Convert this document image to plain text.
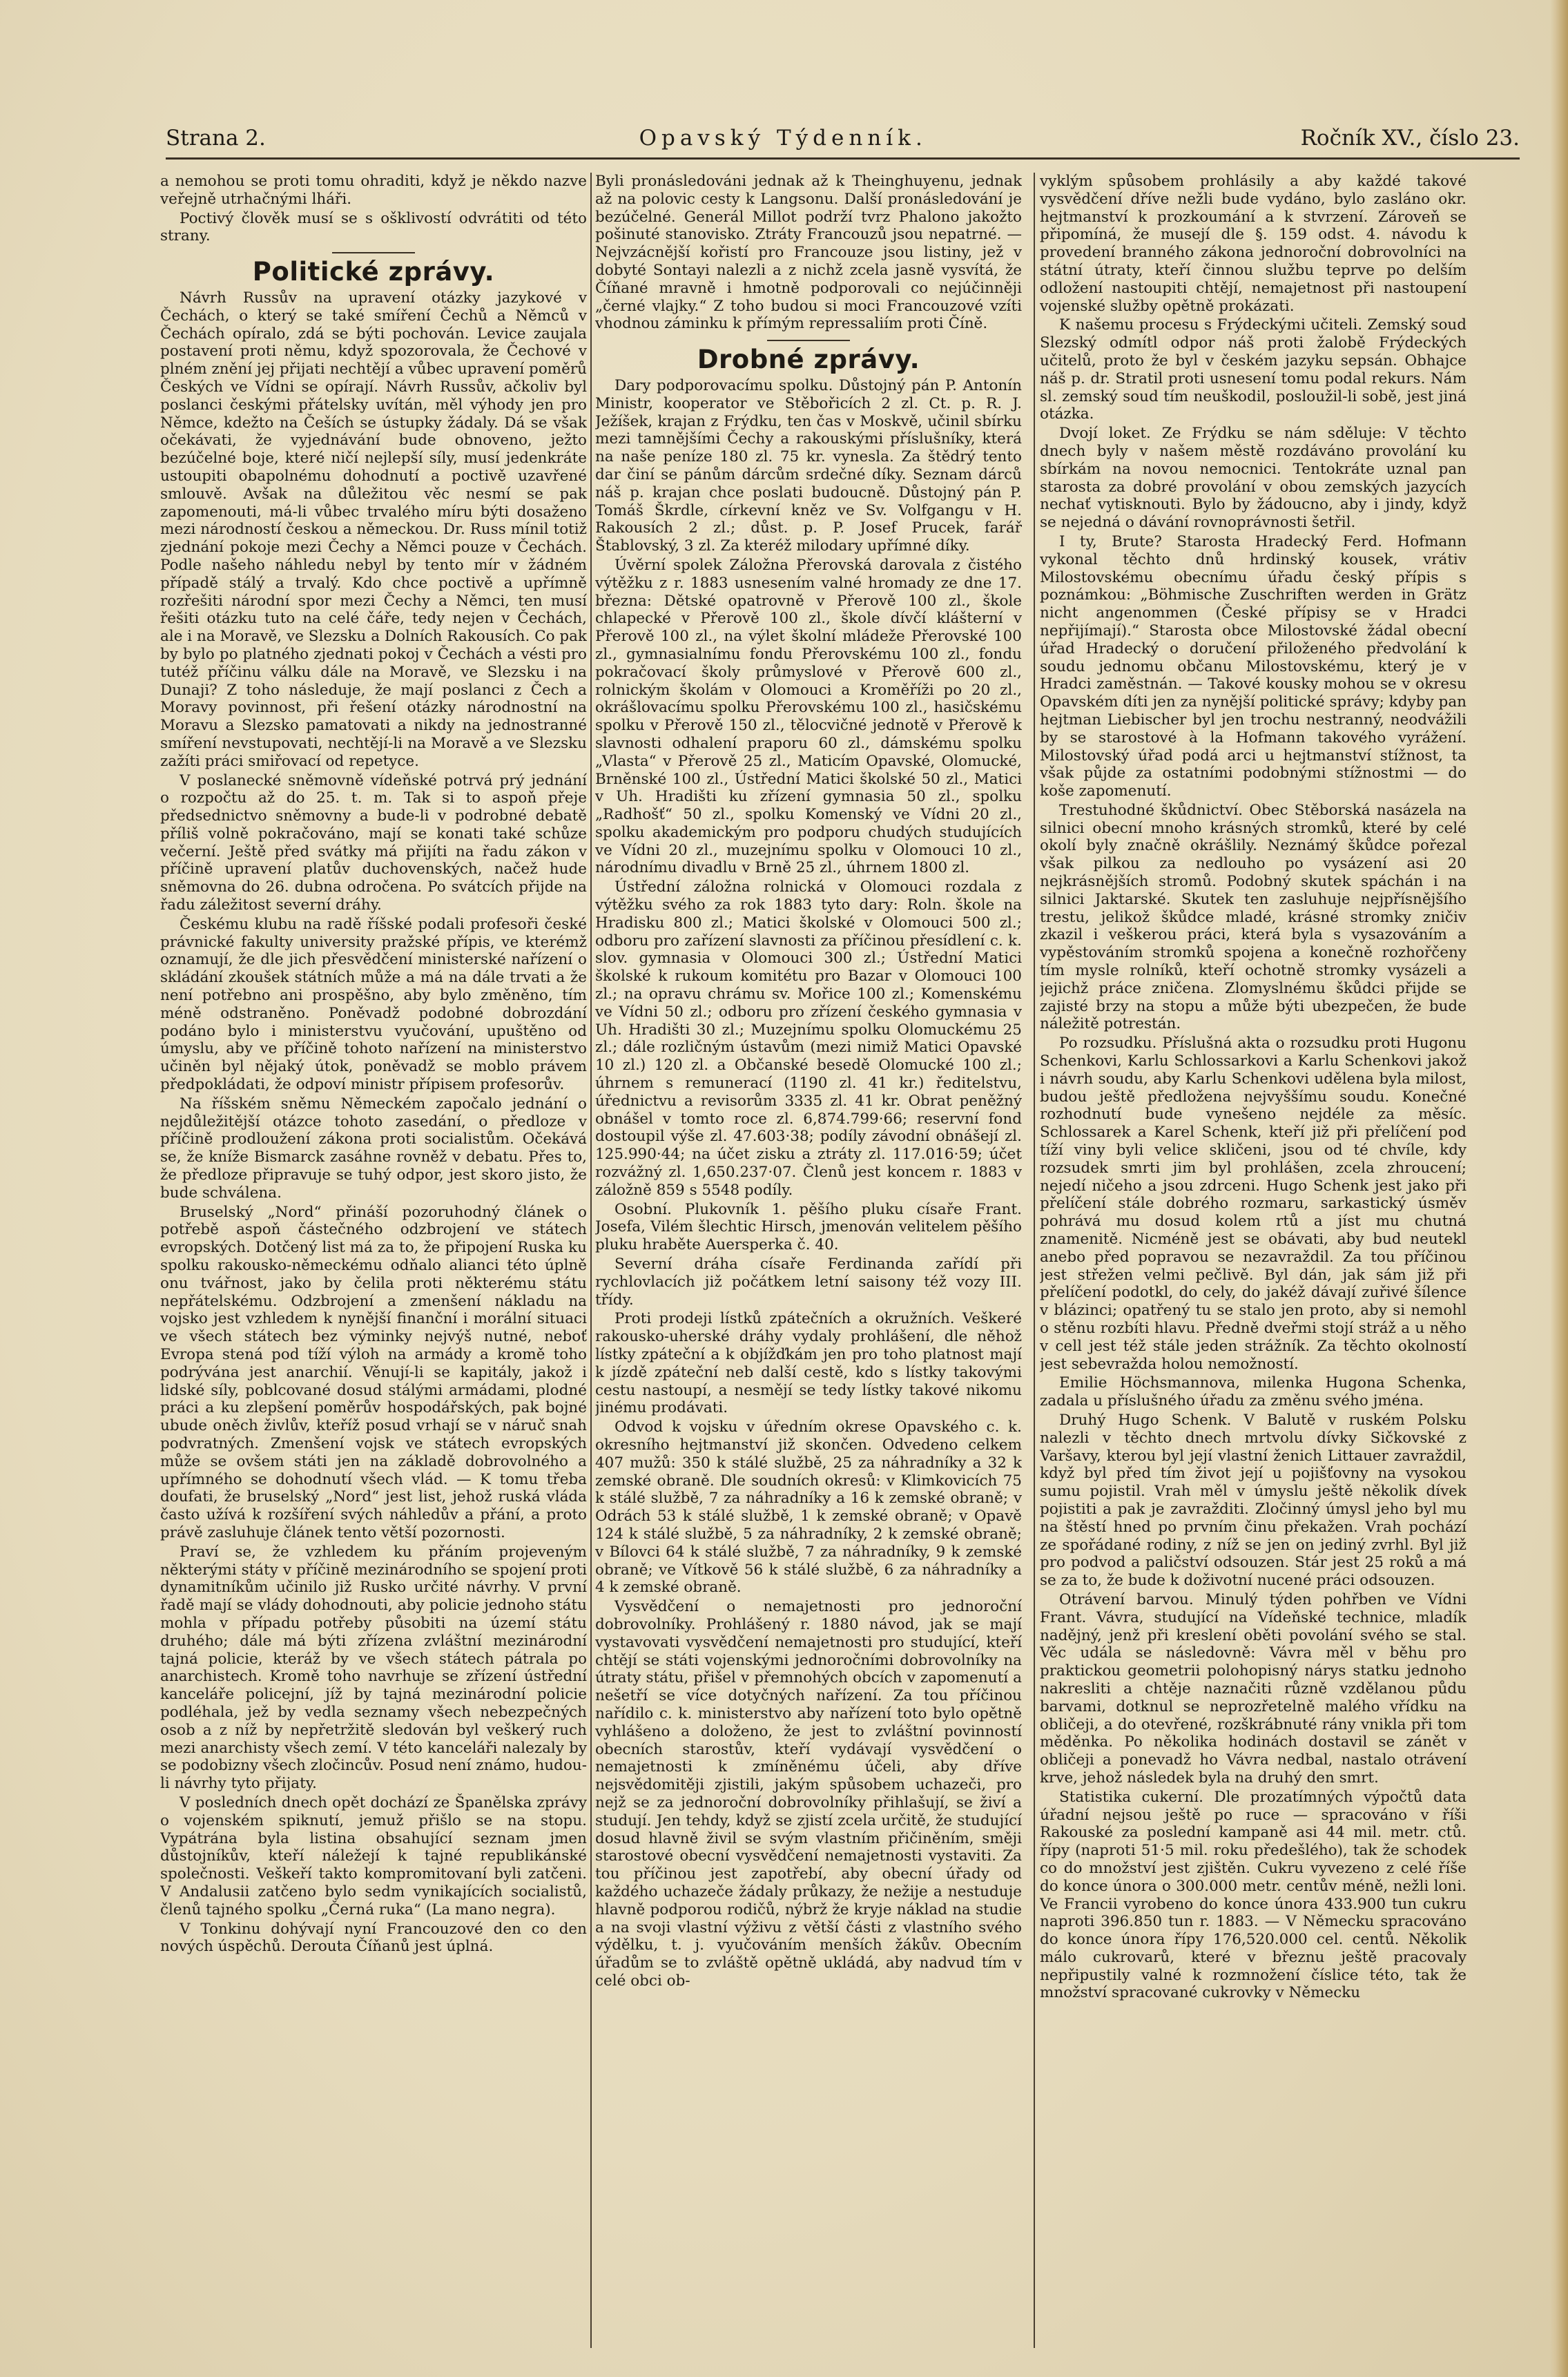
Strana 2.	Opavský Týdenník.	Ročník XV., číslo 23.

a nemohou se proti tomu ohraditi, když je někdo nazve veřejně utrhačnými lháři.

Poctivý člověk musí se s ošklivostí odvrátiti od této strany.

Politické zprávy.

Návrh Russův na upravení otázky jazykové v Čechách, o který se také smíření Čechů a Němců v Čechách opíralo, zdá se býti pochován. Levice zaujala postavení proti němu, když spozorovala, že Čechové v plném znění jej přijati nechtějí a vůbec upravení poměrů Českých ve Vídni se opírají. Návrh Russův, ačkoliv byl poslanci českými přátelsky uvítán, měl výhody jen pro Němce, kdežto na Češích se ústupky žádaly. Dá se však očekávati, že vyjednávání bude obnoveno, ježto bezúčelné boje, které ničí nejlepší síly, musí jedenkráte ustoupiti obapolnému dohodnutí a poctivě uzavřené smlouvě. Avšak na důležitou věc nesmí se pak zapomenouti, má-li vůbec trvalého míru býti dosaženo mezi národností českou a německou. Dr. Russ mínil totiž zjednání pokoje mezi Čechy a Němci pouze v Čechách. Podle našeho náhledu nebyl by tento mír v žádném případě stálý a trvalý. Kdo chce poctivě a upřímně rozřešiti národní spor mezi Čechy a Němci, ten musí řešiti otázku tuto na celé čáře, tedy nejen v Čechách, ale i na Moravě, ve Slezsku a Dolních Rakousích. Co pak by bylo po platného zjednati pokoj v Čechách a vésti pro tutéž příčinu válku dále na Moravě, ve Slezsku i na Dunaji? Z toho následuje, že mají poslanci z Čech a Moravy povinnost, při řešení otázky národnostní na Moravu a Slezsko pamatovati a nikdy na jednostranné smíření nevstupovati, nechtějí-li na Moravě a ve Slezsku zažíti práci smiřovací od repetyce.

V poslanecké sněmovně vídeňské potrvá prý jednání o rozpočtu až do 25. t. m. Tak si to aspoň přeje předsednictvo sněmovny a bude-li v podrobné debatě příliš volně pokračováno, mají se konati také schůze večerní. Ještě před svátky má přijíti na řadu zákon v příčině upravení platův duchovenských, načež hude sněmovna do 26. dubna odročena. Po svátcích přijde na řadu záležitost severní dráhy.

Českému klubu na radě říšské podali profesoři české právnické fakulty university pražské přípis, ve kterémž oznamují, že dle jich přesvědčení ministerské nařízení o skládání zkoušek státních může a má na dále trvati a že není potřebno ani prospěšno, aby bylo změněno, tím méně odstraněno. Poněvadž podobné dobrozdání podáno bylo i ministerstvu vyučování, upuštěno od úmyslu, aby ve příčině tohoto nařízení na ministerstvo učiněn byl nějaký útok, poněvadž se moblo právem předpokládati, že odpoví ministr přípisem profesorův.

Na říšském sněmu Německém započalo jednání o nejdůležitější otázce tohoto zasedání, o předloze v příčině prodloužení zákona proti socialistům. Očekává se, že kníže Bismarck zasáhne rovněž v debatu. Přes to, že předloze připravuje se tuhý odpor, jest skoro jisto, že bude schválena.

Bruselský „Nord“ přináší pozoruhodný článek o potřebě aspoň částečného odzbrojení ve státech evropských. Dotčený list má za to, že připojení Ruska ku spolku rakousko-německému odňalo alianci této úplně onu tvářnost, jako by čelila proti některému státu nepřátelskému. Odzbrojení a zmenšení nákladu na vojsko jest vzhledem k nynější finanční i morální situaci ve všech státech bez výminky nejvýš nutné, neboť Evropa stená pod tíží výloh na armády a kromě toho podrývána jest anarchií. Věnují-li se kapitály, jakož i lidské síly, poblcované dosud stálými armádami, plodné práci a ku zlepšení poměrův hospodářských, pak bojné ubude oněch živlův, kteříž posud vrhají se v náruč snah podvratných. Zmenšení vojsk ve státech evropských může se ovšem státi jen na základě dobrovolného a upřímného se dohodnutí všech vlád. — K tomu třeba doufati, že bruselský „Nord“ jest list, jehož ruská vláda často užívá k rozšíření svých náhledův a přání, a proto právě zasluhuje článek tento větší pozornosti.

Praví se, že vzhledem ku přáním projeveným některými státy v příčině mezinárodního se spojení proti dynamitníkům učinilo již Rusko určité návrhy. V první řadě mají se vlády dohodnouti, aby policie jednoho státu mohla v případu potřeby působiti na území státu druhého; dále má býti zřízena zvláštní mezinárodní tajná policie, kteráž by ve všech státech pátrala po anarchistech. Kromě toho navrhuje se zřízení ústřední kanceláře policejní, jíž by tajná mezinárodní policie podléhala, jež by vedla seznamy všech nebezpečných osob a z níž by nepřetržitě sledován byl veškerý ruch mezi anarchisty všech zemí. V této kanceláři nalezaly by se podobizny všech zločincův. Posud není známo, hudou-li návrhy tyto přijaty.

V posledních dnech opět dochází ze Španělska zprávy o vojenském spiknutí, jemuž přišlo se na stopu. Vypátrána byla listina obsahující seznam jmen důstojníkův, kteří náležejí k tajné republikánské společnosti. Veškeří takto kompromitovaní byli zatčeni. V Andalusii zatčeno bylo sedm vynikajících socialistů, členů tajného spolku „Černá ruka“ (La mano negra).

V Tonkinu dohývají nyní Francouzové den co den nových úspěchů. Derouta Číňanů jest úplná.

Byli pronásledováni jednak až k Theinghuyenu, jednak až na polovic cesty k Langsonu. Další pronásledování je bezúčelné. Generál Millot podrží tvrz Phalono jakožto pošinuté stanovisko. Ztráty Francouzů jsou nepatrné. — Nejvzácnější kořistí pro Francouze jsou listiny, jež v dobyté Sontayi nalezli a z nichž zcela jasně vysvítá, že Číňané mravně i hmotně podporovali co nejúčinněji „černé vlajky.“ Z toho budou si moci Francouzové vzíti vhodnou záminku k přímým repressaliím proti Číně.

Drobné zprávy.

Dary podporovacímu spolku. Důstojný pán P. Antonín Ministr, kooperator ve Stěbořicích 2 zl. Ct. p. R. J. Ježíšek, krajan z Frýdku, ten čas v Moskvě, učinil sbírku mezi tamnějšími Čechy a rakouskými příslušníky, která na naše peníze 180 zl. 75 kr. vynesla. Za štědrý tento dar činí se pánům dárcům srdečné díky. Seznam dárců náš p. krajan chce poslati budoucně. Důstojný pán P. Tomáš Škrdle, církevní kněz ve Sv. Volfgangu v H. Rakousích 2 zl.; důst. p. P. Josef Prucek, farář Štablovský, 3 zl. Za kteréž milodary upřímné díky.

Úvěrní spolek Záložna Přerovská darovala z čistého výtěžku z r. 1883 usnesením valné hromady ze dne 17. března: Dětské opatrovně v Přerově 100 zl., škole chlapecké v Přerově 100 zl., škole dívčí klášterní v Přerově 100 zl., na výlet školní mládeže Přerovské 100 zl., gymnasialnímu fondu Přerovskému 100 zl., fondu pokračovací školy průmyslové v Přerově 600 zl., rolnickým školám v Olomouci a Kroměříži po 20 zl., okrášlovacímu spolku Přerovskému 100 zl., hasičskému spolku v Přerově 150 zl., tělocvičné jednotě v Přerově k slavnosti odhalení praporu 60 zl., dámskému spolku „Vlasta“ v Přerově 25 zl., Maticím Opavské, Olomucké, Brněnské 100 zl., Ústřední Matici školské 50 zl., Matici v Uh. Hradišti ku zřízení gymnasia 50 zl., spolku „Radhošť“ 50 zl., spolku Komenský ve Vídni 20 zl., spolku akademickým pro podporu chudých studujících ve Vídni 20 zl., muzejnímu spolku v Olomouci 10 zl., národnímu divadlu v Brně 25 zl., úhrnem 1800 zl.

Ústřední záložna rolnická v Olomouci rozdala z výtěžku svého za rok 1883 tyto dary: Roln. škole na Hradisku 800 zl.; Matici školské v Olomouci 500 zl.; odboru pro zařízení slavnosti za příčinou přesídlení c. k. slov. gymnasia v Olomouci 300 zl.; Ústřední Matici školské k rukoum komitétu pro Bazar v Olomouci 100 zl.; na opravu chrámu sv. Mořice 100 zl.; Komenskému ve Vídni 50 zl.; odboru pro zřízení českého gymnasia v Uh. Hradišti 30 zl.; Muzejnímu spolku Olomuckému 25 zl.; dále rozličným ústavům (mezi nimiž Matici Opavské 10 zl.) 120 zl. a Občanské besedě Olomucké 100 zl.; úhrnem s remunerací (1190 zl. 41 kr.) ředitelstvu, úřednictvu a revisorům 3335 zl. 41 kr. Obrat peněžný obnášel v tomto roce zl. 6,874.799·66; reservní fond dostoupil výše zl. 47.603·38; podíly závodní obnášejí zl. 125.990·44; na účet zisku a ztráty zl. 117.016·59; účet rozvážný zl. 1,650.237·07. Členů jest koncem r. 1883 v záložně 859 s 5548 podíly.

Osobní. Plukovník 1. pěšího pluku císaře Frant. Josefa, Vilém šlechtic Hirsch, jmenován velitelem pěšího pluku hraběte Auersperka č. 40.

Severní dráha císaře Ferdinanda zařídí při rychlovlacích již počátkem letní saisony též vozy III. třídy.

Proti prodeji lístků zpátečních a okružních. Veškeré rakousko-uherské dráhy vydaly prohlášení, dle něhož lístky zpáteční a k objížďkám jen pro toho platnost mají k jízdě zpáteční neb další cestě, kdo s lístky takovými cestu nastoupí, a nesmějí se tedy lístky takové nikomu jinému prodávati.

Odvod k vojsku v úředním okrese Opavského c. k. okresního hejtmanství již skončen. Odvedeno celkem 407 mužů: 350 k stálé službě, 25 za náhradníky a 32 k zemské obraně. Dle soudních okresů: v Klimkovicích 75 k stálé službě, 7 za náhradníky a 16 k zemské obraně; v Odrách 53 k stálé službě, 1 k zemské obraně; v Opavě 124 k stálé službě, 5 za náhradníky, 2 k zemské obraně; v Bílovci 64 k stálé službě, 7 za náhradníky, 9 k zemské obraně; ve Vítkově 56 k stálé službě, 6 za náhradníky a 4 k zemské obraně.

Vysvědčení o nemajetnosti pro jednoroční dobrovolníky. Prohlášený r. 1880 návod, jak se mají vystavovati vysvědčení nemajetnosti pro studující, kteří chtějí se státi vojenskými jednoročními dobrovolníky na útraty státu, přišel v přemnohých obcích v zapomenutí a nešetří se více dotyčných nařízení. Za tou příčinou nařídilo c. k. ministerstvo aby nařízení toto bylo opětně vyhlášeno a doloženo, že jest to zvláštní povinností obecních starostův, kteří vydávají vysvědčení o nemajetnosti k zmíněnému účeli, aby dříve nejsvědomitěji zjistili, jakým spůsobem uchazeči, pro nejž se za jednoroční dobrovolníky přihlašují, se živí a studují. Jen tehdy, když se zjistí zcela určitě, že studující dosud hlavně živil se svým vlastním přičiněním, směji starostové obecní vysvědčení nemajetnosti vystaviti. Za tou příčinou jest zapotřebí, aby obecní úřady od každého uchazeče žádaly průkazy, že nežije a nestudujе hlavně podporou rodičů, nýbrž že kryje náklad na studie a na svoji vlastní výživu z větší části z vlastního svého výdělku, t. j. vyučováním menších žákův. Obecním úřadům se to zvláště opětně ukládá, aby nadvud tím v celé obci ob-

vyklým spůsobem prohlásily a aby každé takové vysvědčení dříve nežli bude vydáno, bylo zasláno okr. hejtmanství k prozkoumání a k stvrzení. Zároveň se připomíná, že musejí dle §. 159 odst. 4. návodu k provedení branného zákona jednoroční dobrovolníci na státní útraty, kteří činnou službu teprve po delším odložení nastoupiti chtějí, nemajetnost při nastoupení vojenské služby opětně prokázati.

K našemu procesu s Frýdeckými učiteli. Zemský soud Slezský odmítl odpor náš proti žalobě Frýdeckých učitelů, proto že byl v českém jazyku sepsán. Obhajce náš p. dr. Stratil proti usnesení tomu podal rekurs. Nám sl. zemský soud tím neuškodil, posloužil-li sobě, jest jiná otázka.

Dvojí loket. Ze Frýdku se nám sděluje: V těchto dnech byly v našem městě rozdáváno provolání ku sbírkám na novou nemocnici. Tentokráte uznal pan starosta za dobré provolání v obou zemských jazycích nechať vytisknouti. Bylo by žádoucno, aby i jindy, když se nejedná o dávání rovnoprávnosti šetřil.

I ty, Brute? Starosta Hradecký Ferd. Hofmann vykonal těchto dnů hrdinský kousek, vrátiv Milostovskému obecnímu úřadu český přípis s poznámkou: „Böhmische Zuschriften werden in Grätz nicht angenommen (České přípisy se v Hradci nepřijímají).“ Starosta obce Milostovské žádal obecní úřad Hradecký o doručení přiloženého předvolání k soudu jednomu občanu Milostovskému, který je v Hradci zaměstnán. — Takové kousky mohou se v okresu Opavském díti jen za nynější politické správy; kdyby pan hejtman Liebischer byl jen trochu nestranný, neodvážili by se starostové à la Hofmann takového vyrážení. Milostovský úřad podá arci u hejtmanství stížnost, ta však půjde za ostatními podobnými stížnostmi — do koše zapomenutí.

Trestuhodné škůdnictví. Obec Stěborská nasázela na silnici obecní mnoho krásných stromků, které by celé okolí byly značně okrášlily. Neznámý škůdce pořezal však pilkou za nedlouho po vysázení asi 20 nejkrásnějších stromů. Podobný skutek spáchán i na silnici Jaktarské. Skutek ten zasluhuje nejpřísnějšího trestu, jelikož škůdce mladé, krásné stromky zničiv zkazil i veškerou práci, která byla s vysazováním a vypěstováním stromků spojena a konečně rozhořčeny tím mysle rolníků, kteří ochotně stromky vysázeli a jejichž práce zničena. Zlomyslnému škůdci přijde se zajisté brzy na stopu a může býti ubezpečen, že bude náležitě potrestán.

Po rozsudku. Příslušná akta o rozsudku proti Hugonu Schenkovi, Karlu Schlossarkovi a Karlu Schenkovi jakož i návrh soudu, aby Karlu Schenkovi udělena byla milost, budou ještě předložena nejvyššímu soudu. Konečné rozhodnutí bude vynešeno nejdéle za měsíc. Schlossarek a Karel Schenk, kteří již při přelíčení pod tíží viny byli velice skličeni, jsou od té chvíle, kdy rozsudek smrti jim byl prohlášen, zcela zhroucení; nejedí ničeho a jsou zdrceni. Hugo Schenk jest jako při přelíčení stále dobrého rozmaru, sarkastický úsměv pohrává mu dosud kolem rtů a jíst mu chutná znamenitě. Nicméně jest se obávati, aby bud neutekl anebo před popravou se nezavraždil. Za tou příčinou jest střežen velmi pečlivě. Byl dán, jak sám již při přelíčení podotkl, do cely, do jakéž dávají zuřivé šílence v blázinci; opatřený tu se stalo jen proto, aby si nemohl o stěnu rozbíti hlavu. Předně dveřmi stojí stráž a u něho v cell jest též stále jeden strážník. Za těchto okolností jest sebevražda holou nemožností.

Emilie Höchsmannova, milenka Hugona Schenka, zadala u příslušného úřadu za změnu svého jména.

Druhý Hugo Schenk. V Balutě v ruském Polsku nalezli v těchto dnech mrtvolu dívky Sičkovské z Varšavy, kterou byl její vlastní ženich Littauer zavraždil, když byl před tím život její u pojišťovny na vysokou sumu pojistil. Vrah měl v úmyslu ještě několik dívek pojistiti a pak je zavražditi. Zločinný úmysl jeho byl mu na štěstí hned po prvním činu překažen. Vrah pochází ze spořádané rodiny, z níž se jen on jediný zvrhl. Byl již pro podvod a paličství odsouzen. Stár jest 25 roků a má se za to, že bude k doživotní nucené práci odsouzen.

Otrávení barvou. Minulý týden pohřben ve Vídni Frant. Vávra, studující na Vídeňské technice, mladík nadějný, jenž při kreslení oběti povolání svého se stal. Věc udála se následovně: Vávra měl v běhu pro praktickou geometrii polohopisný nárys statku jednoho nakresliti a chtěje naznačiti různě vzdělanou půdu barvami, dotknul se neprozřetelně malého vřídku na obličeji, a do otevřené, rozškrábnuté rány vnikla při tom měděnka. Po několika hodinách dostavil se zánět v obličeji a ponevadž ho Vávra nedbal, nastalo otrávení krve, jehož následek byla na druhý den smrt.

Statistika cukerní. Dle prozatímných výpočtů data úřadní nejsou ještě po ruce — spracováno v říši Rakouské za poslední kampaně asi 44 mil. metr. ctů. řípy (naproti 51·5 mil. roku předešlého), tak že schodek co do množství jest zjištěn. Cukru vyvezeno z celé říše do konce února o 300.000 metr. centův méně, nežli loni. Ve Francii vyrobeno do konce února 433.900 tun cukru naproti 396.850 tun r. 1883. — V Německu spracováno do konce února řípy 176,520.000 cel. centů. Několik málo cukrovarů, které v březnu ještě pracovaly nepřipustily valné k rozmnožení číslice této, tak že množství spracované cukrovky v Německu
